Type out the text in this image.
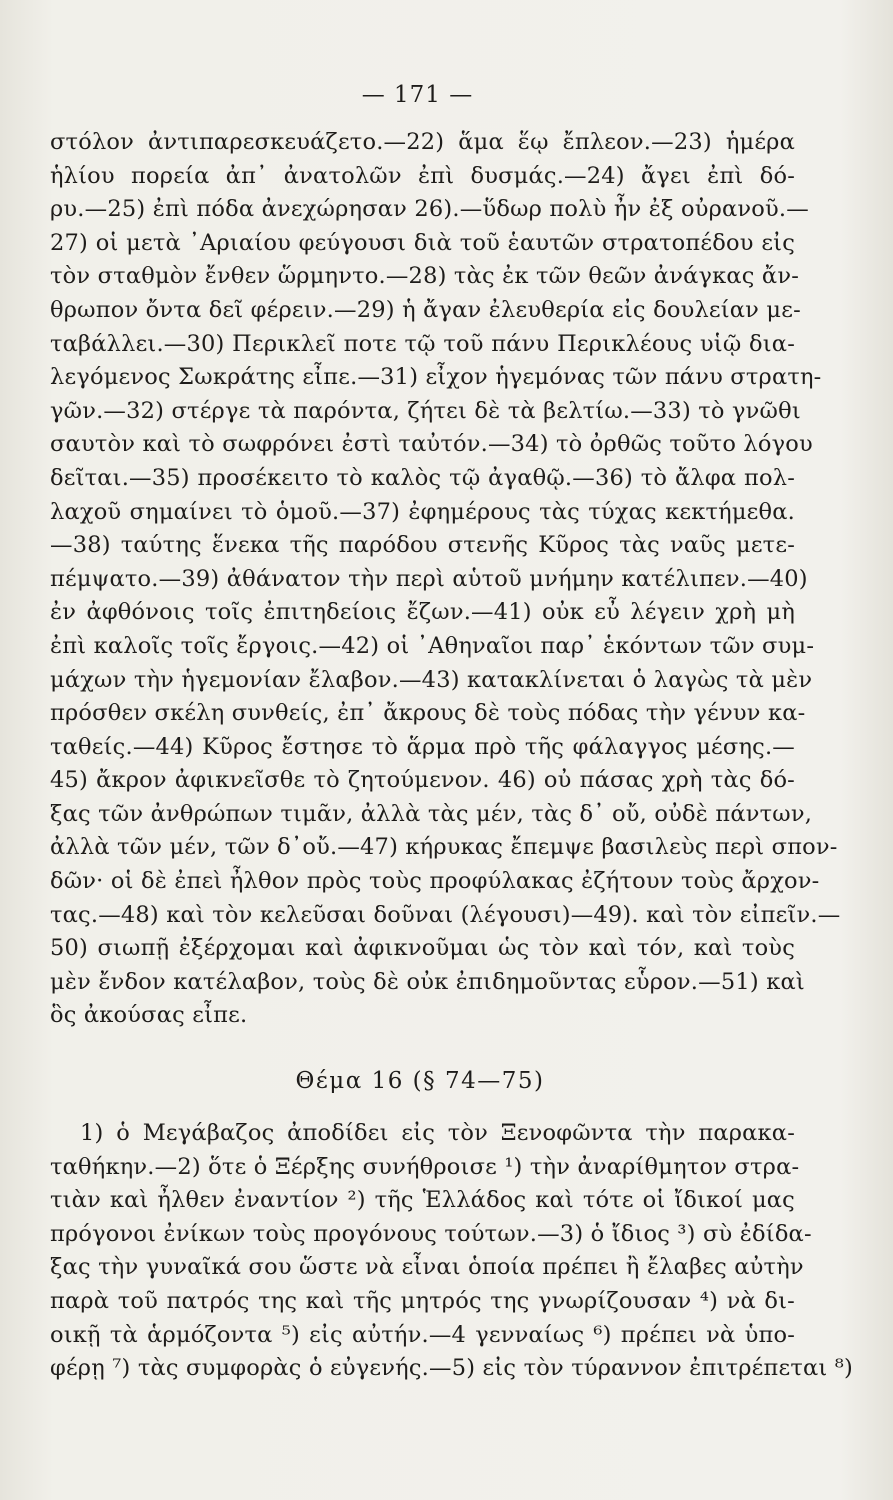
— 171 —
στόλον ἀντιπαρεσκευάζετο.—22) ἅμα ἕῳ ἔπλεον.—23) ἡμέρα
ἡλίου πορεία ἀπ᾽ ἀνατολῶν ἐπὶ δυσμάς.—24) ἄγει ἐπὶ δό-
ρυ.—25) ἐπὶ πόδα ἀνεχώρησαν 26).—ὕδωρ πολὺ ἦν ἐξ οὐρανοῦ.—
27) οἱ μετὰ ᾽Αριαίου φεύγουσι διὰ τοῦ ἑαυτῶν στρατοπέδου εἰς
τὸν σταθμὸν ἔνθεν ὥρμηντο.—28) τὰς ἐκ τῶν θεῶν ἀνάγκας ἄν-
θρωπον ὄντα δεῖ φέρειν.—29) ἡ ἄγαν ἐλευθερία εἰς δουλείαν με-
ταβάλλει.—30) Περικλεῖ ποτε τῷ τοῦ πάνυ Περικλέους υἱῷ δια-
λεγόμενος Σωκράτης εἶπε.—31) εἶχον ἡγεμόνας τῶν πάνυ στρατη-
γῶν.—32) στέργε τὰ παρόντα, ζήτει δὲ τὰ βελτίω.—33) τὸ γνῶθι
σαυτὸν καὶ τὸ σωφρόνει ἐστὶ ταὐτόν.—34) τὸ ὀρθῶς τοῦτο λόγου
δεῖται.—35) προσέκειτο τὸ καλὸς τῷ ἀγαθῷ.—36) τὸ ἄλφα πολ-
λαχοῦ σημαίνει τὸ ὁμοῦ.—37) ἐφημέρους τὰς τύχας κεκτήμεθα.
—38) ταύτης ἕνεκα τῆς παρόδου στενῆς Κῦρος τὰς ναῦς μετε-
πέμψατο.—39) ἀθάνατον τὴν περὶ αὑτοῦ μνήμην κατέλιπεν.—40)
ἐν ἀφθόνοις τοῖς ἐπιτηδείοις ἔζων.—41) οὐκ εὖ λέγειν χρὴ μὴ
ἐπὶ καλοῖς τοῖς ἔργοις.—42) οἱ ᾽Αθηναῖοι παρ᾽ ἑκόντων τῶν συμ-
μάχων τὴν ἡγεμονίαν ἔλαβον.—43) κατακλίνεται ὁ λαγὼς τὰ μὲν
πρόσθεν σκέλη συνθείς, ἐπ᾽ ἄκρους δὲ τοὺς πόδας τὴν γένυν κα-
ταθείς.—44) Κῦρος ἔστησε τὸ ἅρμα πρὸ τῆς φάλαγγος μέσης.—
45) ἄκρον ἀφικνεῖσθε τὸ ζητούμενον. 46) οὐ πάσας χρὴ τὰς δό-
ξας τῶν ἀνθρώπων τιμᾶν, ἀλλὰ τὰς μέν, τὰς δ᾽ οὔ, οὐδὲ πάντων,
ἀλλὰ τῶν μέν, τῶν δ᾽οὔ.—47) κήρυκας ἔπεμψε βασιλεὺς περὶ σπον-
δῶν· οἱ δὲ ἐπεὶ ἦλθον πρὸς τοὺς προφύλακας ἐζήτουν τοὺς ἄρχον-
τας.—48) καὶ τὸν κελεῦσαι δοῦναι (λέγουσι)—49). καὶ τὸν εἰπεῖν.—
50) σιωπῇ ἐξέρχομαι καὶ ἀφικνοῦμαι ὡς τὸν καὶ τόν, καὶ τοὺς
μὲν ἔνδον κατέλαβον, τοὺς δὲ οὐκ ἐπιδημοῦντας εὗρον.—51) καὶ
ὃς ἀκούσας εἶπε.
Θέμα 16 (§ 74—75)
1) ὁ Μεγάβαζος ἀποδίδει εἰς τὸν Ξενοφῶντα τὴν παρακα-
ταθήκην.—2) ὅτε ὁ Ξέρξης συνήθροισε ¹) τὴν ἀναρίθμητον στρα-
τιὰν καὶ ἦλθεν ἐναντίον ²) τῆς Ἑλλάδος καὶ τότε οἱ ἴδικοί μας
πρόγονοι ἐνίκων τοὺς προγόνους τούτων.—3) ὁ ἴδιος ³) σὺ ἐδίδα-
ξας τὴν γυναῖκά σου ὥστε νὰ εἶναι ὁποία πρέπει ἢ ἔλαβες αὐτὴν
παρὰ τοῦ πατρός της καὶ τῆς μητρός της γνωρίζουσαν ⁴) νὰ δι-
οικῇ τὰ ἁρμόζοντα ⁵) εἰς αὐτήν.—4 γενναίως ⁶) πρέπει νὰ ὑπο-
φέρῃ ⁷) τὰς συμφορὰς ὁ εὐγενής.—5) εἰς τὸν τύραννον ἐπιτρέπεται ⁸)
